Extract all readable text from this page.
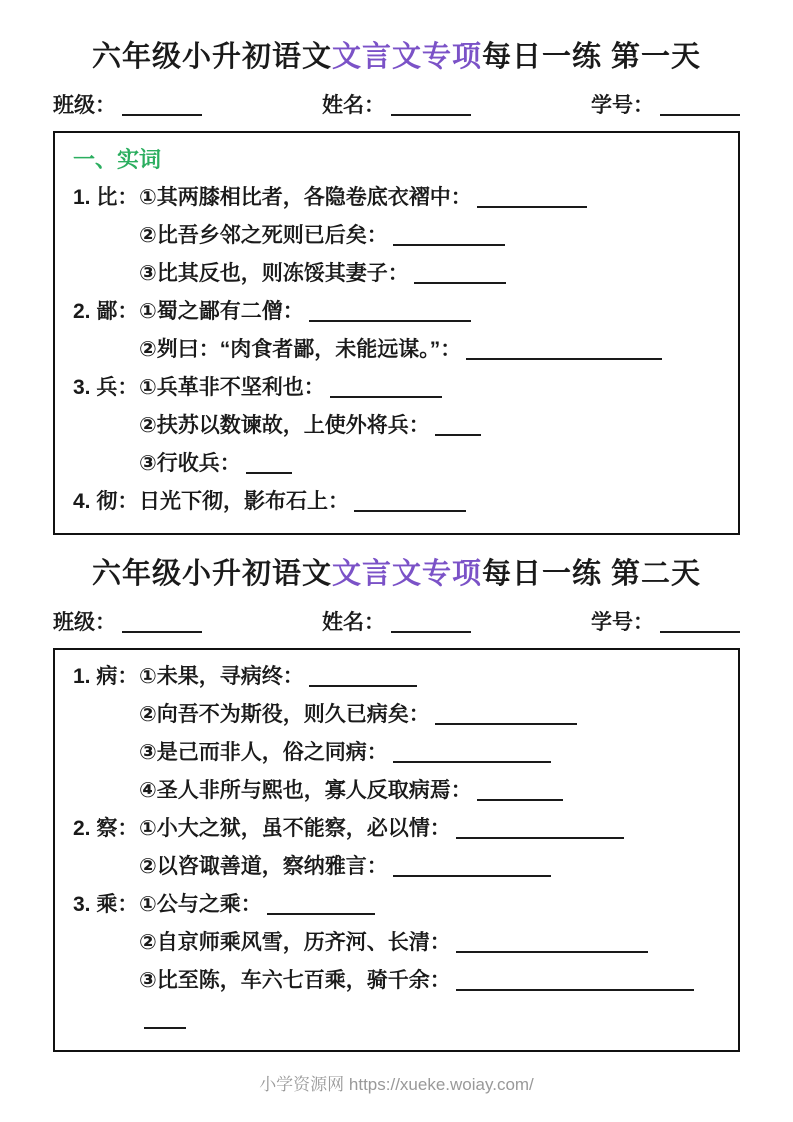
六年级小升初语文文言文专项每日一练 第一天
班级：	姓名：	学号：
一、实词
1. 比： ①其两膝相比者，各隐卷底衣褶中：
②比吾乡邻之死则已后矣：
③比其反也，则冻馁其妻子：
2. 鄙： ①蜀之鄙有二僧：
②刿曰：“肉食者鄙，未能远谋。”：
3. 兵： ①兵革非不坚利也：
②扶苏以数谏故，上使外将兵：
③行收兵：
4. 彻： 日光下彻，影布石上：
六年级小升初语文文言文专项每日一练 第二天
班级：	姓名：	学号：
1. 病： ①未果，寻病终：
②向吾不为斯役，则久已病矣：
③是己而非人，俗之同病：
④圣人非所与熙也，寡人反取病焉：
2. 察： ①小大之狱，虽不能察，必以情：
②以咨诹善道，察纳雅言：
3. 乘： ①公与之乘：
②自京师乘风雪，历齐河、长清：
③比至陈，车六七百乘，骑千余：
小学资源网 https://xueke.woiay.com/
